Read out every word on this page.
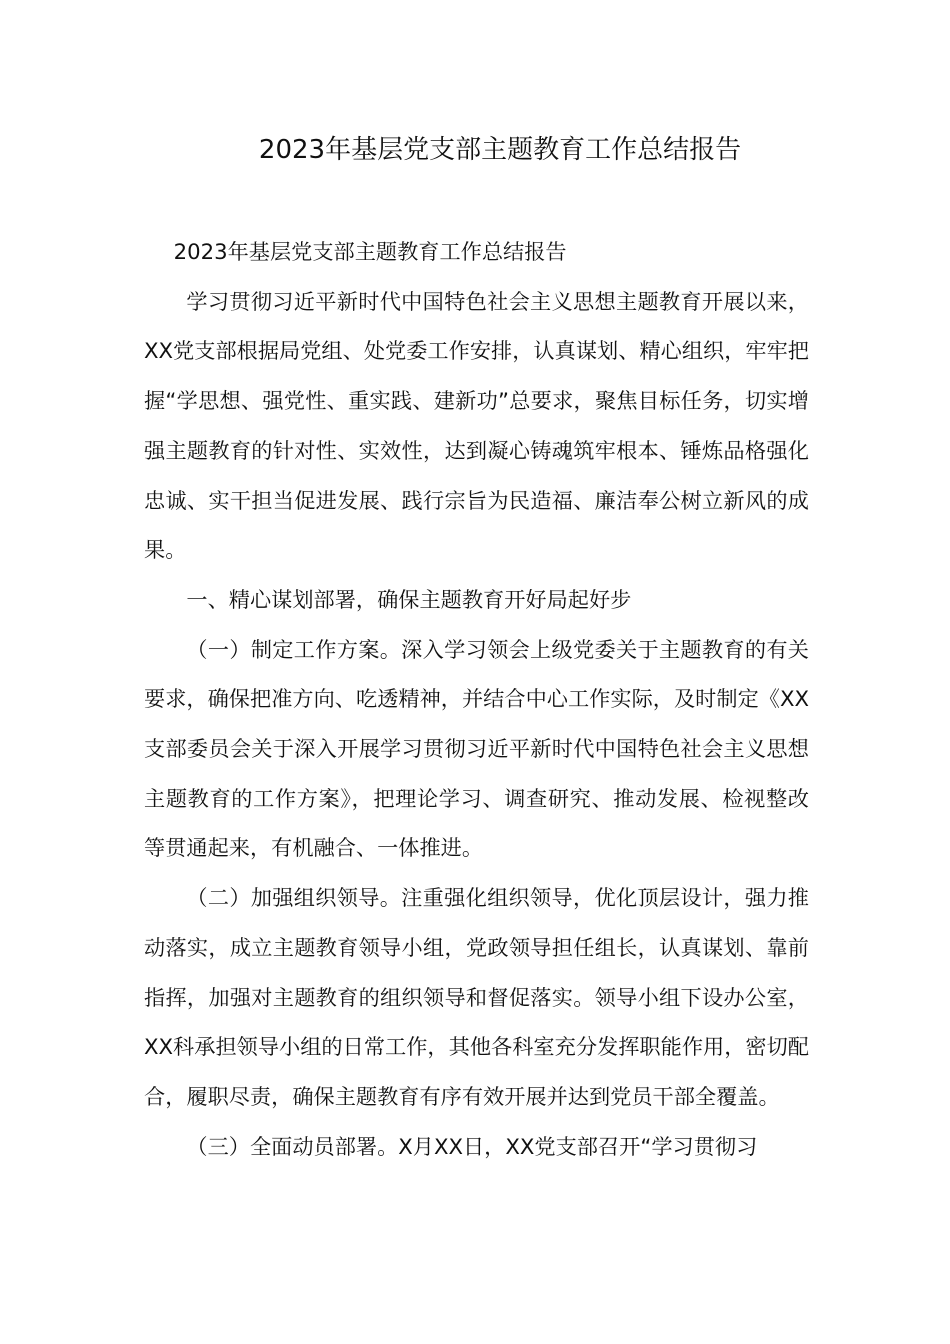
2023年基层党支部主题教育工作总结报告

2023年基层党支部主题教育工作总结报告

学习贯彻习近平新时代中国特色社会主义思想主题教育开展以来，XX党支部根据局党组、处党委工作安排，认真谋划、精心组织，牢牢把握“学思想、强党性、重实践、建新功”总要求，聚焦目标任务，切实增强主题教育的针对性、实效性，达到凝心铸魂筑牢根本、锤炼品格强化忠诚、实干担当促进发展、践行宗旨为民造福、廉洁奉公树立新风的成果。

一、精心谋划部署，确保主题教育开好局起好步

（一）制定工作方案。深入学习领会上级党委关于主题教育的有关要求，确保把准方向、吃透精神，并结合中心工作实际，及时制定《XX支部委员会关于深入开展学习贯彻习近平新时代中国特色社会主义思想主题教育的工作方案》，把理论学习、调查研究、推动发展、检视整改等贯通起来，有机融合、一体推进。

（二）加强组织领导。注重强化组织领导，优化顶层设计，强力推动落实，成立主题教育领导小组，党政领导担任组长，认真谋划、靠前指挥，加强对主题教育的组织领导和督促落实。领导小组下设办公室，XX科承担领导小组的日常工作，其他各科室充分发挥职能作用，密切配合，履职尽责，确保主题教育有序有效开展并达到党员干部全覆盖。

（三）全面动员部署。X月XX日，XX党支部召开“学习贯彻习
